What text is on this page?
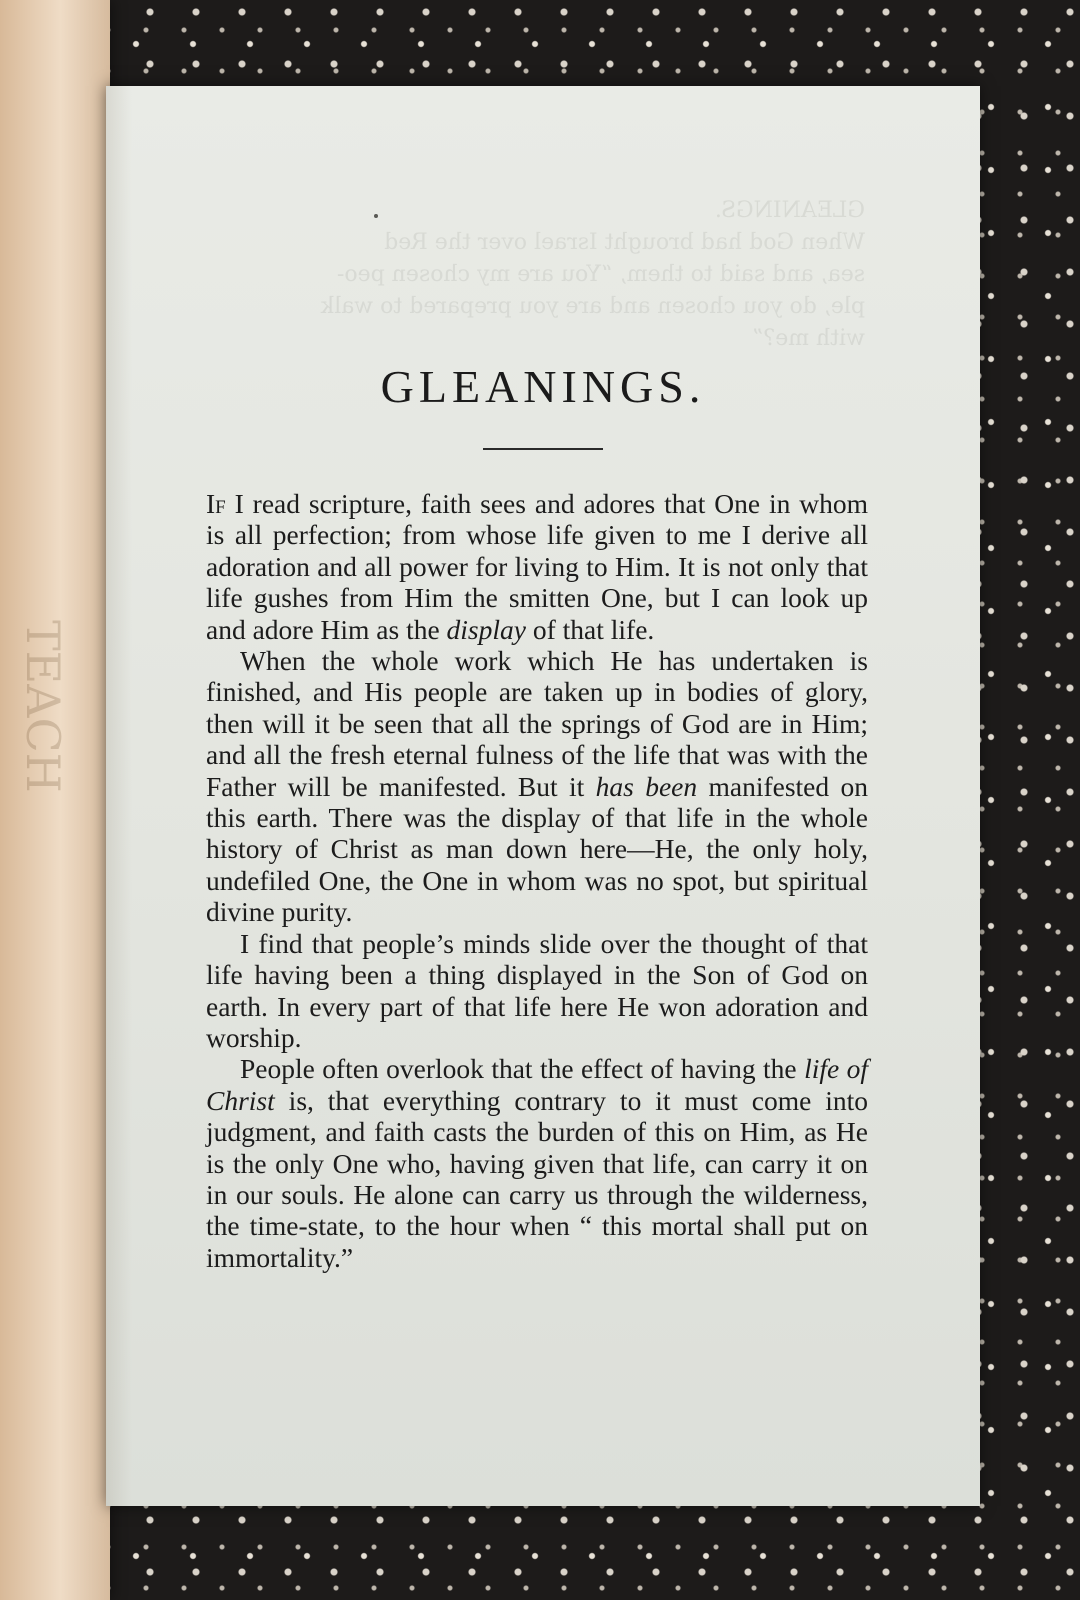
TEACH
GLEANINGS.
When God had brought Israel over the Red
sea, and said to them, “You are my chosen peo-
ple, do you chosen and are you prepared to walk
with me?”
GLEANINGS.

If I read scripture, faith sees and adores that One in whom is all perfection; from whose life given to me I derive all adoration and all power for living to Him. It is not only that life gushes from Him the smitten One, but I can look up and adore Him as the display of that life.

When the whole work which He has undertaken is finished, and His people are taken up in bodies of glory, then will it be seen that all the springs of God are in Him; and all the fresh eternal fulness of the life that was with the Father will be manifested. But it has been manifested on this earth. There was the display of that life in the whole history of Christ as man down here—He, the only holy, undefiled One, the One in whom was no spot, but spiritual divine purity.

I find that people’s minds slide over the thought of that life having been a thing displayed in the Son of God on earth. In every part of that life here He won adoration and worship.

People often overlook that the effect of having the life of Christ is, that everything contrary to it must come into judgment, and faith casts the burden of this on Him, as He is the only One who, having given that life, can carry it on in our souls. He alone can carry us through the wilderness, the time-state, to the hour when “ this mortal shall put on immortality.”
